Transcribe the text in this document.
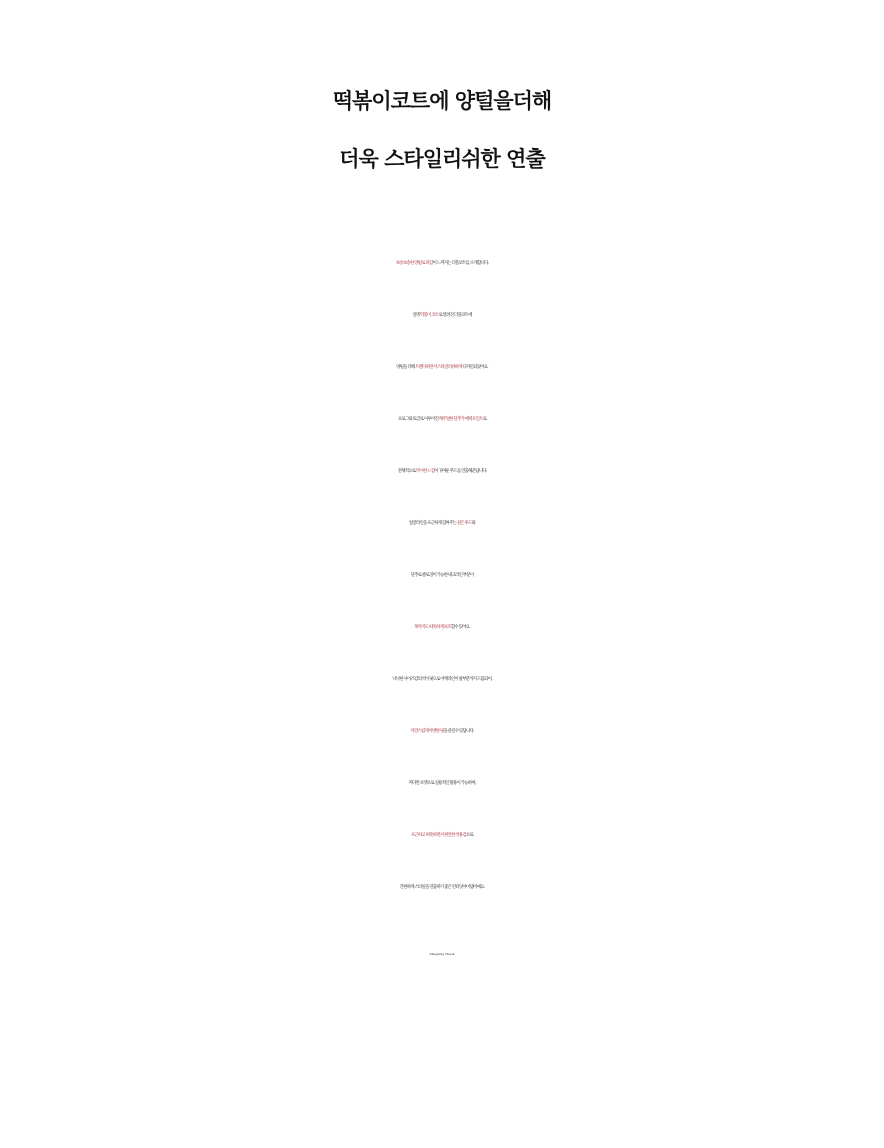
떡볶이코트에 양털을더해
더욱 스타일리쉬한 연출
보송보송한 양털로 퍼감이 느껴지는 더플코트를 소개합니다.
일명 떡볶이 코트로 알려진 더플코트에
양털을 더해 트렌디하면서 스타일리쉬하게 디자인되었어요.
프로그와 토글로 이루어진 캐주얼한 단추가 매력포인트로
전체적으로 박시한 느낌이 귀여운 무드를 연출해준답니다.
얼굴라인을 포근하게 감싸주는 깊은 후드와
단추로 클로징이 가능한 네크라인 부분이
목까지도 따뜻하게 보호할수 있어요.
낙낙한 사이즈감의 박시핏으로 어깨라인이 팔부분까지 드롭되어,
자연스럽게 아방한 핏을 즐길수 있답니다.
커다란 포켓으로 실용적인 활용이 가능하며,
포근하고 따뜻하면서 편안한 착용감으로
간편하게 스타일을 연출하기 좋은 윈터잇아이템이예요.
Shopping Check
